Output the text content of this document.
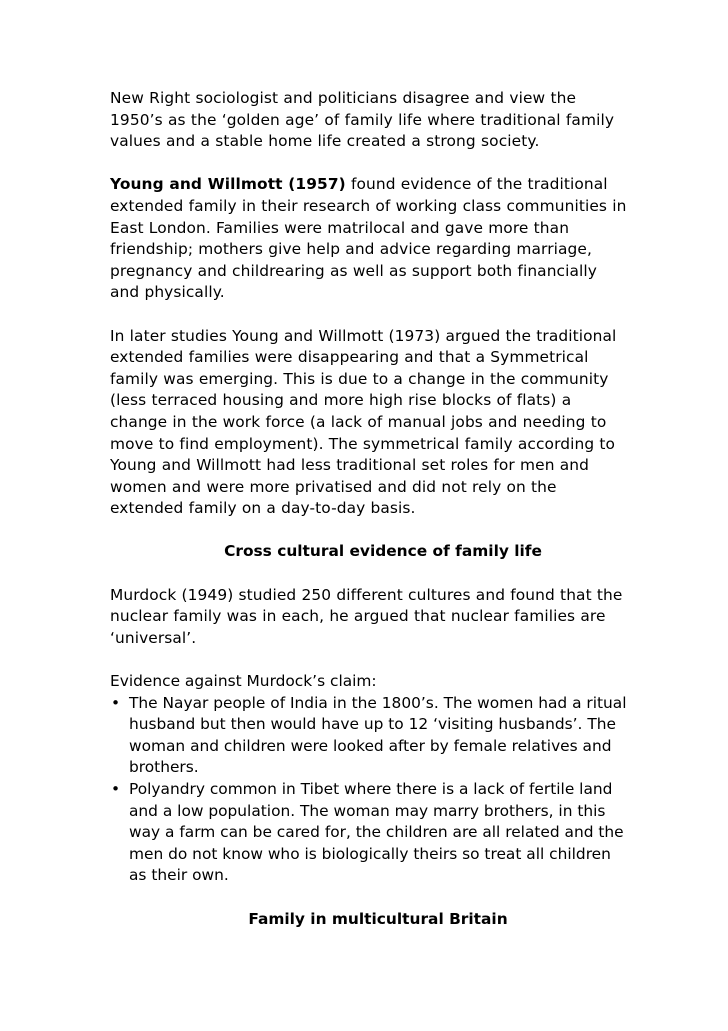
New Right sociologist and politicians disagree and view the 1950’s as the ‘golden age’ of family life where traditional family values and a stable home life created a strong society.

Young and Willmott (1957) found evidence of the traditional extended family in their research of working class communities in East London. Families were matrilocal and gave more than friendship; mothers give help and advice regarding marriage, pregnancy and childrearing as well as support both financially and physically.

In later studies Young and Willmott (1973) argued the traditional extended families were disappearing and that a Symmetrical family was emerging. This is due to a change in the community (less terraced housing and more high rise blocks of flats) a change in the work force (a lack of manual jobs and needing to move to find employment). The symmetrical family according to Young and Willmott had less traditional set roles for men and women and were more privatised and did not rely on the extended family on a day-to-day basis.

Cross cultural evidence of family life

Murdock (1949) studied 250 different cultures and found that the nuclear family was in each, he argued that nuclear families are ‘universal’.

Evidence against Murdock’s claim:

• The Nayar people of India in the 1800’s. The women had a ritual husband but then would have up to 12 ‘visiting husbands’. The woman and children were looked after by female relatives and brothers.
• Polyandry common in Tibet where there is a lack of fertile land and a low population. The woman may marry brothers, in this way a farm can be cared for, the children are all related and the men do not know who is biologically theirs so treat all children as their own.
Family in multicultural Britain
